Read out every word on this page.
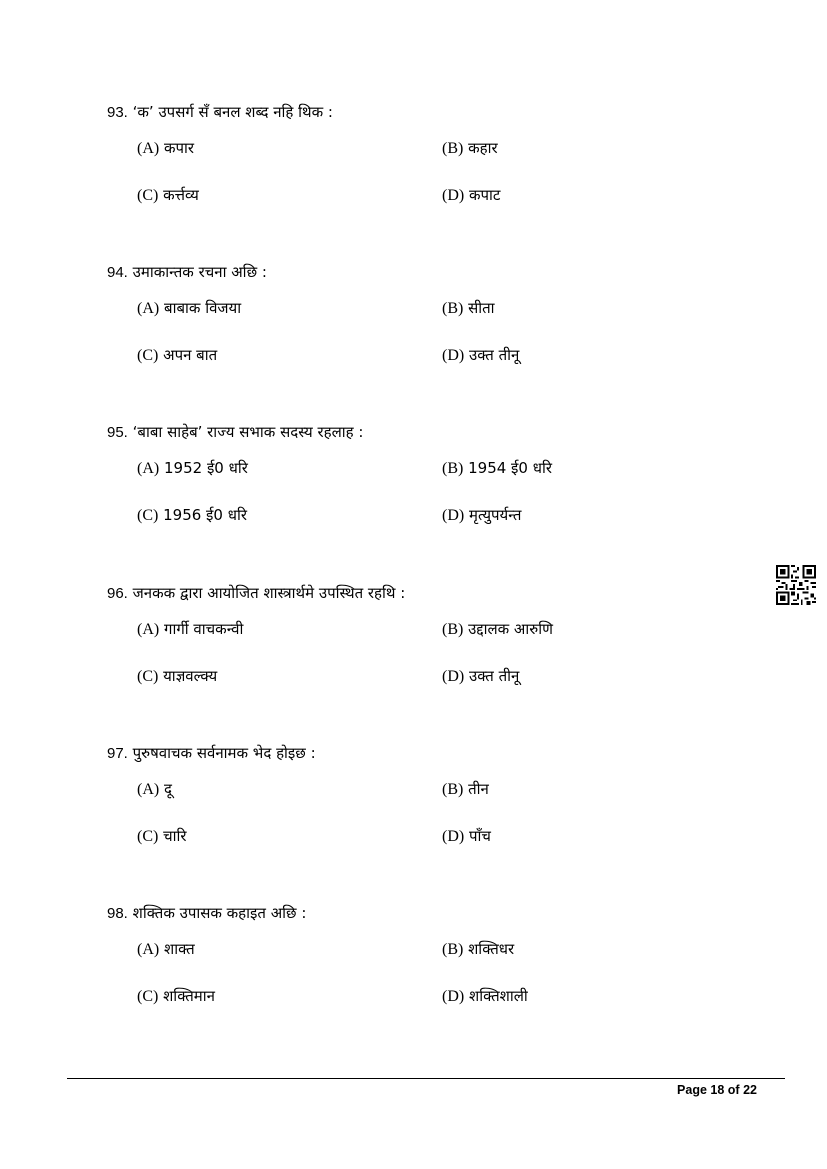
93. ‘क’ उपसर्ग सँ बनल शब्द नहि थिक :
(A) कपार	(B) कहार
(C) कर्त्तव्य	(D) कपाट
94. उमाकान्तक रचना अछि :
(A) बाबाक विजया	(B) सीता
(C) अपन बात	(D) उक्त तीनू
95. ‘बाबा साहेब’ राज्य सभाक सदस्य रहलाह :
(A) 1952 ई0 धरि	(B) 1954 ई0 धरि
(C) 1956 ई0 धरि	(D) मृत्युपर्यन्त
96. जनकक द्वारा आयोजित शास्त्रार्थमे उपस्थित रहथि :
(A) गार्गी वाचकन्वी	(B) उद्दालक आरुणि
(C) याज्ञवल्क्य	(D) उक्त तीनू
97. पुरुषवाचक सर्वनामक भेद होइछ :
(A) दू	(B) तीन
(C) चारि	(D) पाँच
98. शक्तिक उपासक कहाइत अछि :
(A) शाक्त	(B) शक्तिधर
(C) शक्तिमान	(D) शक्तिशाली
Page 18 of 22
